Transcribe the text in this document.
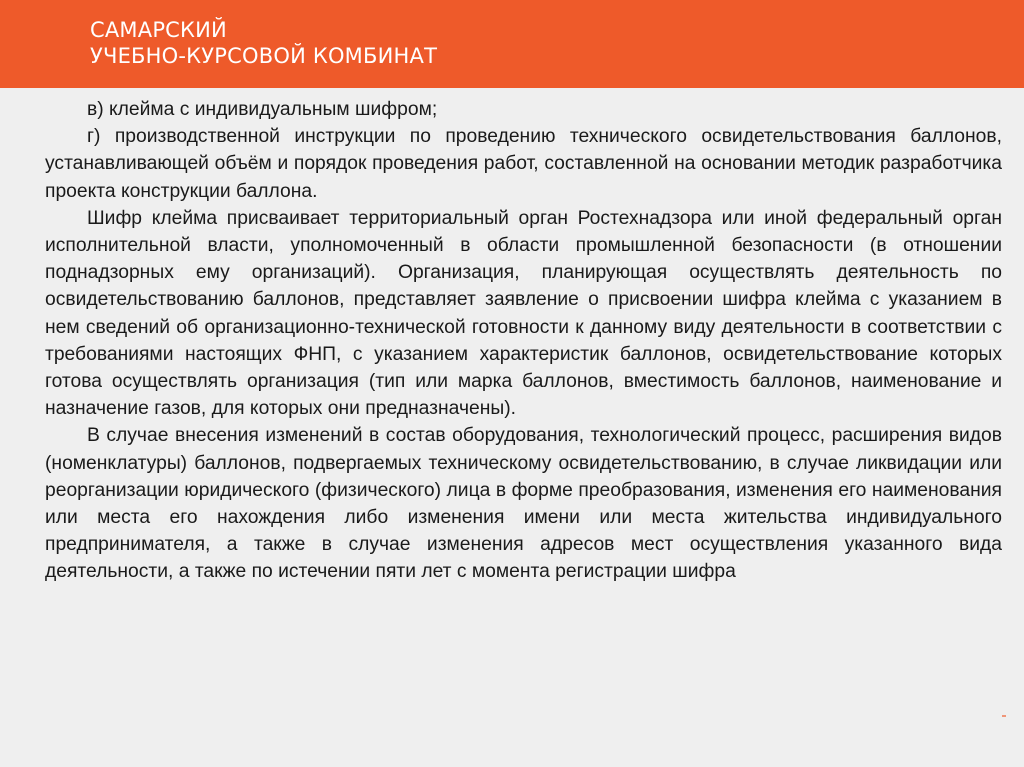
САМАРСКИЙ
УЧЕБНО-КУРСОВОЙ КОМБИНАТ

в) клейма с индивидуальным шифром;

г) производственной инструкции по проведению технического освидетельствования баллонов, устанавливающей объём и порядок проведения работ, составленной на основании методик разработчика проекта конструкции баллона.

Шифр клейма присваивает территориальный орган Ростехнадзора или иной федеральный орган исполнительной власти, уполномоченный в области промышленной безопасности (в отношении поднадзорных ему организаций). Организация, планирующая осуществлять деятельность по освидетельствованию баллонов, представляет заявление о присвоении шифра клейма с указанием в нем сведений об организационно-технической готовности к данному виду деятельности в соответствии с требованиями настоящих ФНП, с указанием характеристик баллонов, освидетельствование которых готова осуществлять организация (тип или марка баллонов, вместимость баллонов, наименование и назначение газов, для которых они предназначены).

В случае внесения изменений в состав оборудования, технологический процесс, расширения видов (номенклатуры) баллонов, подвергаемых техническому освидетельствованию, в случае ликвидации или реорганизации юридического (физического) лица в форме преобразования, изменения его наименования или места его нахождения либо изменения имени или места жительства индивидуального предпринимателя, а также в случае изменения адресов мест осуществления указанного вида деятельности, а также по истечении пяти лет с момента регистрации шифра
